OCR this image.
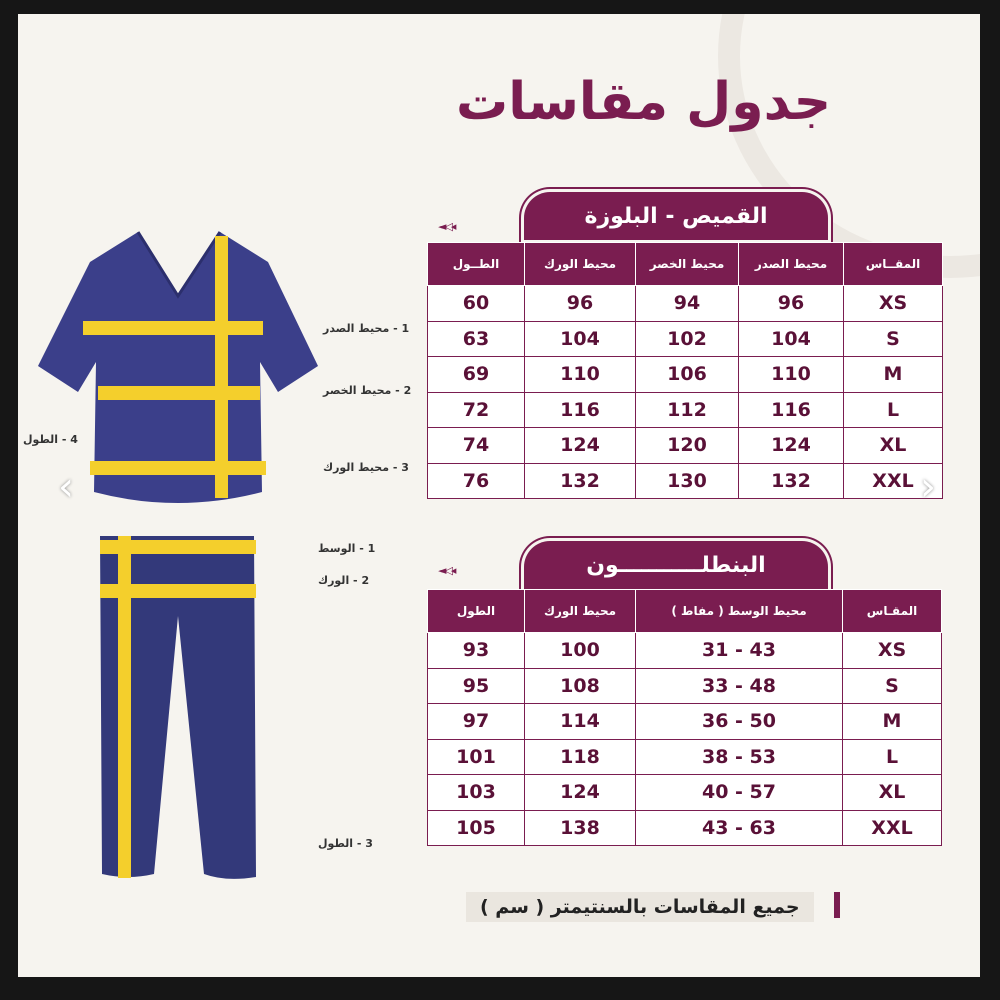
جدول مقاسات
1 - محيط الصدر
2 - محيط الخصر
4 - الطول
3 - محيط الورك
1 - الوسط
2 - الورك
3 - الطول
القميص - البلوزة
◄◁◂
المقــاس	محيط الصدر	محيط الخصر	محيط الورك	الطــول
XS	96	94	96	60
S	104	102	104	63
M	110	106	110	69
L	116	112	116	72
XL	124	120	124	74
XXL	132	130	132	76
البنطلـــــــــــون
◄◁◂
المقـاس	محيط الوسط ( مفاط )	محيط الورك	الطول
XS	31 - 43	100	93
S	33 - 48	108	95
M	36 - 50	114	97
L	38 - 53	118	101
XL	40 - 57	124	103
XXL	43 - 63	138	105
جميع المقاسات بالسنتيمتر ( سم )
‹	›
